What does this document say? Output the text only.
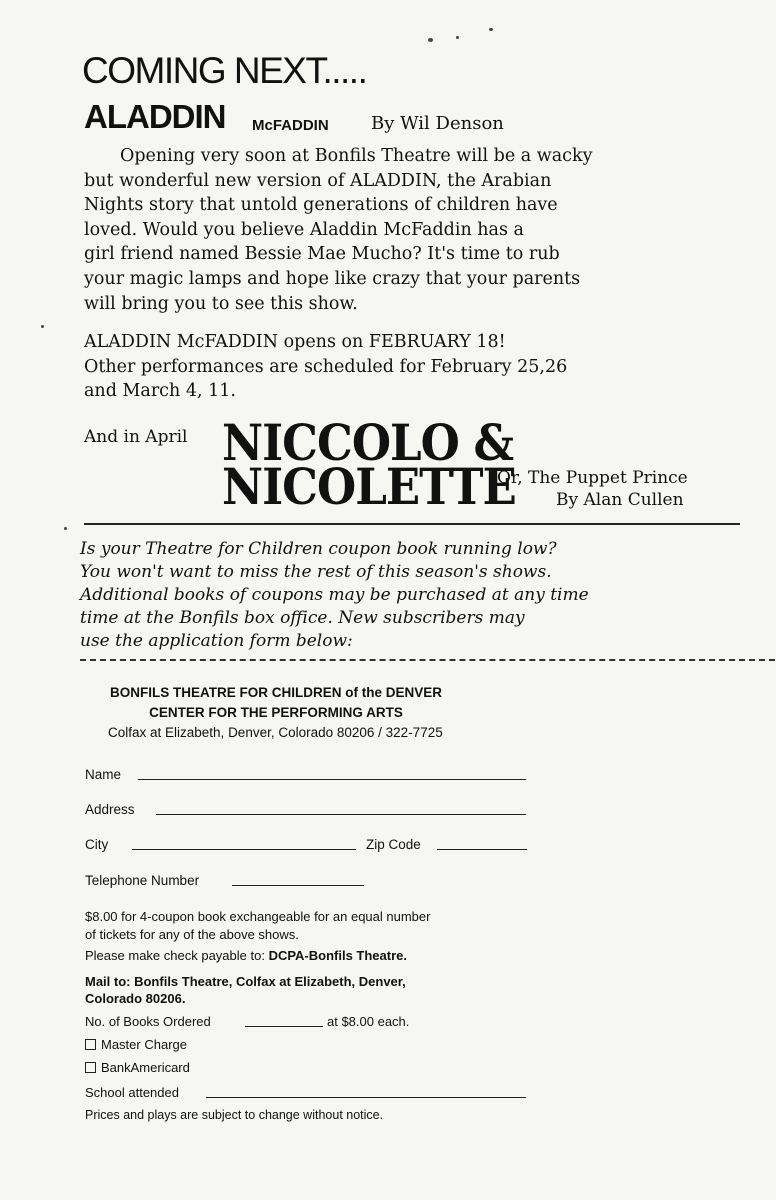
COMING NEXT.....
ALADDIN McFADDIN By Wil Denson
Opening very soon at Bonfils Theatre will be a wacky
but wonderful new version of ALADDIN, the Arabian
Nights story that untold generations of children have
loved. Would you believe Aladdin McFaddin has a
girl friend named Bessie Mae Mucho? It's time to rub
your magic lamps and hope like crazy that your parents
will bring you to see this show.
ALADDIN McFADDIN opens on FEBRUARY 18!
Other performances are scheduled for February 25,26
and March 4, 11.
And in April NICCOLO &
NICOLETTE
Or, The Puppet Prince
By Alan Cullen
Is your Theatre for Children coupon book running low?
You won't want to miss the rest of this season's shows.
Additional books of coupons may be purchased at any time
time at the Bonfils box office. New subscribers may
use the application form below:
BONFILS THEATRE FOR CHILDREN of the DENVER
CENTER FOR THE PERFORMING ARTS
Colfax at Elizabeth, Denver, Colorado 80206 / 322-7725
Name
Address
City	Zip Code
Telephone Number
$8.00 for 4-coupon book exchangeable for an equal number
of tickets for any of the above shows.
Please make check payable to: DCPA-Bonfils Theatre.
Mail to: Bonfils Theatre, Colfax at Elizabeth, Denver,
Colorado 80206.
No. of Books Ordered	at $8.00 each.
Master Charge
BankAmericard
School attended
Prices and plays are subject to change without notice.
